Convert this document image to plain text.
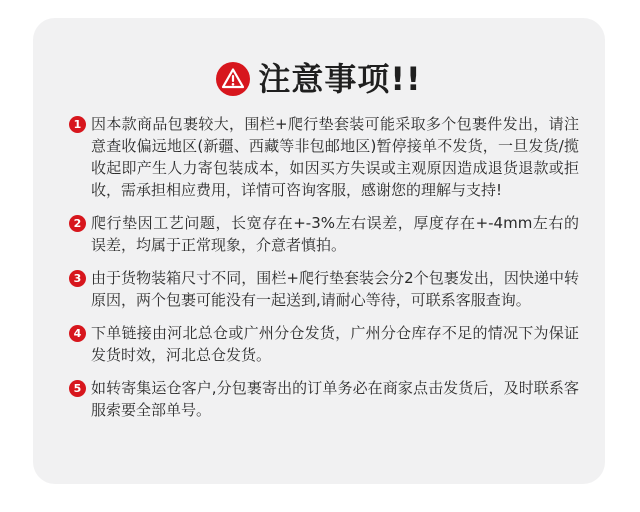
注意事项!!
1 因本款商品包裹较大，围栏+爬行垫套装可能采取多个包裹件发出，请注意查收偏远地区(新疆、西藏等非包邮地区)暂停接单不发货，一旦发货/揽收起即产生人力寄包装成本，如因买方失误或主观原因造成退货退款或拒收，需承担相应费用，详情可咨询客服，感谢您的理解与支持!
2 爬行垫因工艺问题，长宽存在+-3%左右误差，厚度存在+-4mm左右的误差，均属于正常现象，介意者慎拍。
3 由于货物装箱尺寸不同，围栏+爬行垫套装会分2个包裹发出，因快递中转原因，两个包裹可能没有一起送到,请耐心等待，可联系客服查询。
4 下单链接由河北总仓或广州分仓发货，广州分仓库存不足的情况下为保证发货时效，河北总仓发货。
5 如转寄集运仓客户,分包裹寄出的订单务必在商家点击发货后，及时联系客服索要全部单号。
